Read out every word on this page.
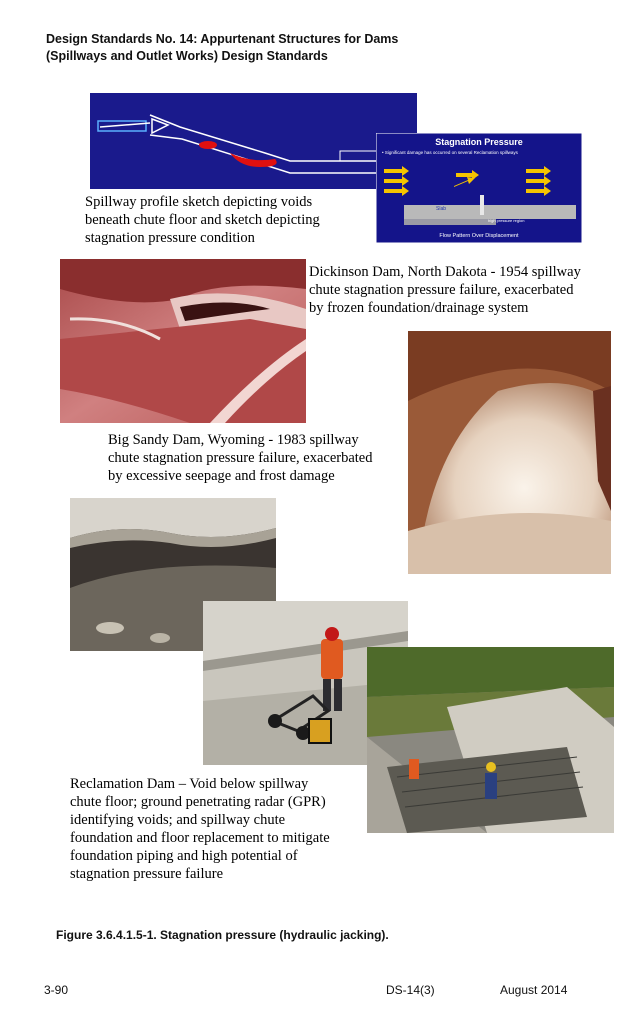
Design Standards No. 14: Appurtenant Structures for Dams
(Spillways and Outlet Works) Design Standards
Stagnation Pressure
• Significant damage has occurred on several Reclamation spillways
Slab
high pressure region
Flow Pattern Over Displacement
Spillway profile sketch depicting voids
beneath chute floor and sketch depicting
stagnation pressure condition
Dickinson Dam, North Dakota - 1954 spillway
chute stagnation pressure failure, exacerbated
by frozen foundation/drainage system
Big Sandy Dam, Wyoming - 1983 spillway
chute stagnation pressure failure, exacerbated
by excessive seepage and frost damage
Reclamation Dam – Void below spillway
chute floor; ground penetrating radar (GPR)
identifying voids; and spillway chute
foundation and floor replacement to mitigate
foundation piping and high potential of
stagnation pressure failure
Figure 3.6.4.1.5-1. Stagnation pressure (hydraulic jacking).
3-90	DS-14(3)	August 2014
